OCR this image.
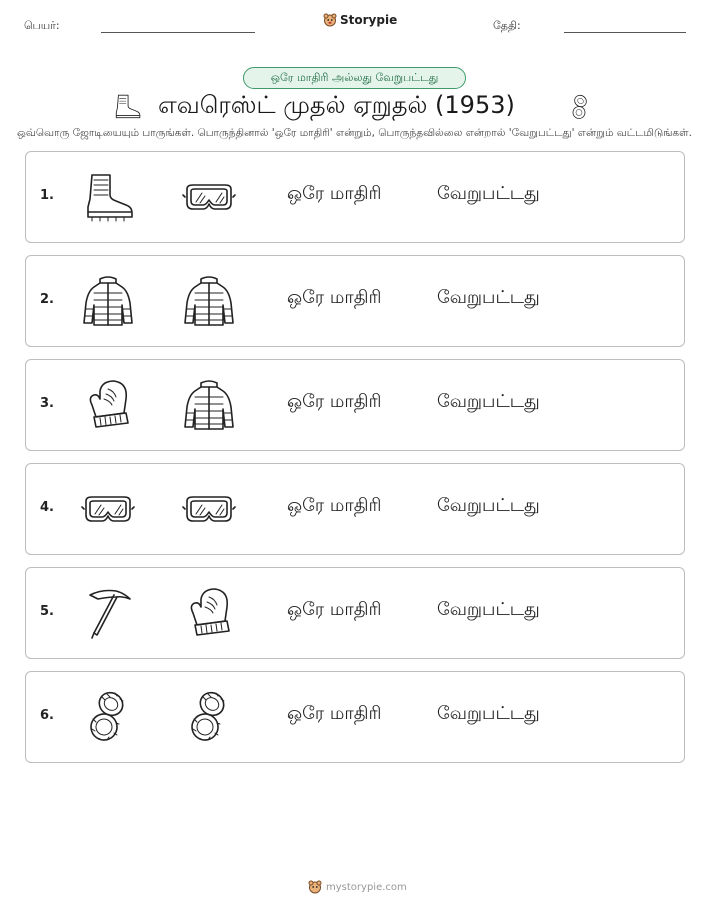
பெயர்:	Storypie	தேதி:
ஒரே மாதிரி அல்லது வேறுபட்டது
எவரெஸ்ட் முதல் ஏறுதல் (1953)
ஒவ்வொரு ஜோடியையும் பாருங்கள். பொருந்தினால் 'ஒரே மாதிரி' என்றும், பொருந்தவில்லை என்றால் 'வேறுபட்டது' என்றும் வட்டமிடுங்கள்.
1.	ஒரே மாதிரி	வேறுபட்டது
2.	ஒரே மாதிரி	வேறுபட்டது
3.	ஒரே மாதிரி	வேறுபட்டது
4.	ஒரே மாதிரி	வேறுபட்டது
5.	ஒரே மாதிரி	வேறுபட்டது
6.	ஒரே மாதிரி	வேறுபட்டது
mystorypie.com
